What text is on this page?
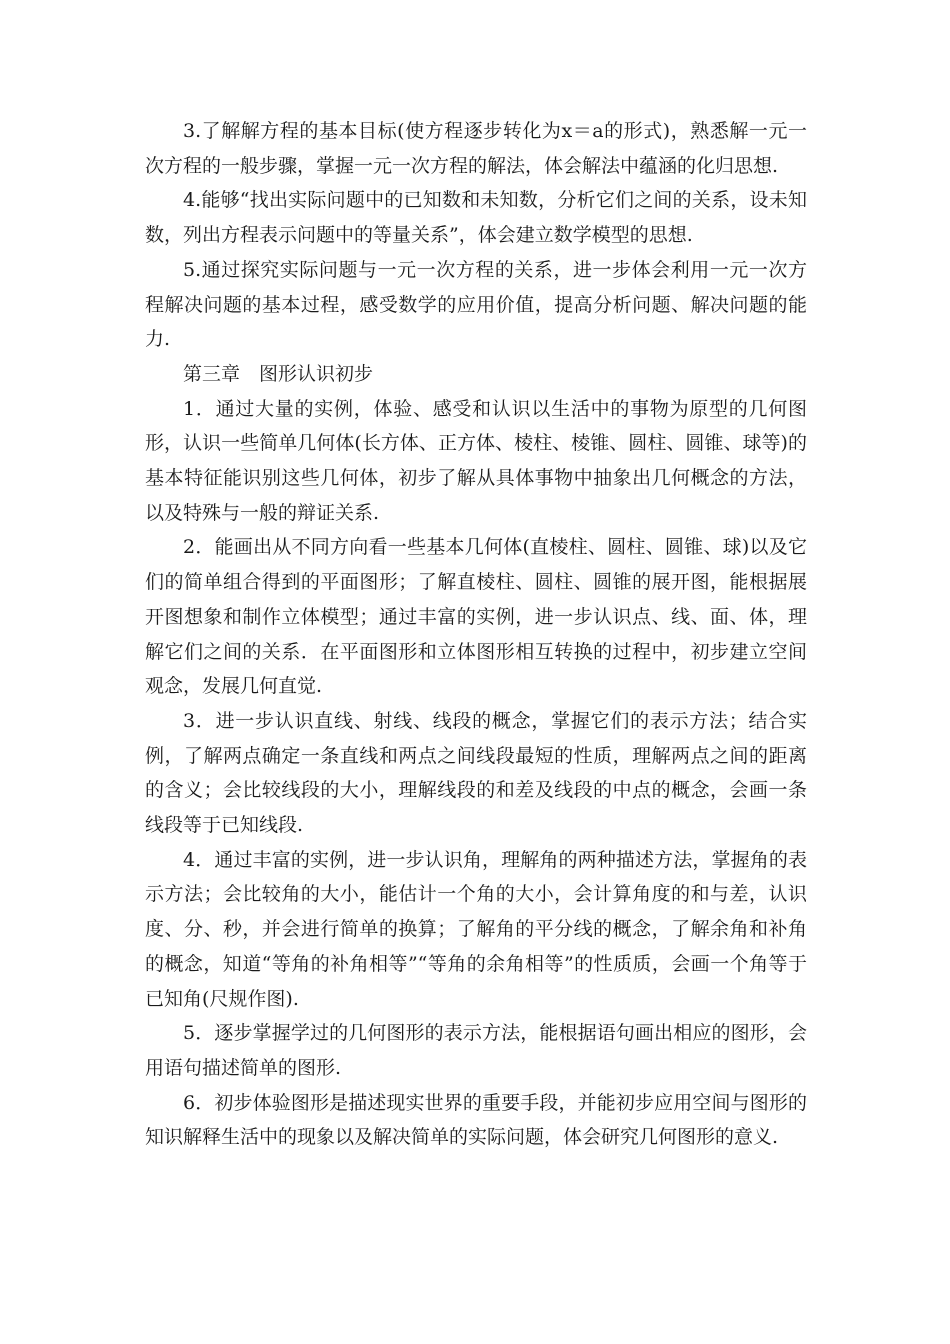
3.了解解方程的基本目标(使方程逐步转化为x＝a的形式)，熟悉解一元一次方程的一般步骤，掌握一元一次方程的解法，体会解法中蕴涵的化归思想.

4.能够“找出实际问题中的已知数和未知数，分析它们之间的关系，设未知数，列出方程表示问题中的等量关系”，体会建立数学模型的思想.

5.通过探究实际问题与一元一次方程的关系，进一步体会利用一元一次方程解决问题的基本过程，感受数学的应用价值，提高分析问题、解决问题的能力.

第三章　图形认识初步

1．通过大量的实例，体验、感受和认识以生活中的事物为原型的几何图形，认识一些简单几何体(长方体、正方体、棱柱、棱锥、圆柱、圆锥、球等)的基本特征能识别这些几何体，初步了解从具体事物中抽象出几何概念的方法，以及特殊与一般的辩证关系.

2．能画出从不同方向看一些基本几何体(直棱柱、圆柱、圆锥、球)以及它们的简单组合得到的平面图形；了解直棱柱、圆柱、圆锥的展开图，能根据展开图想象和制作立体模型；通过丰富的实例，进一步认识点、线、面、体，理解它们之间的关系．在平面图形和立体图形相互转换的过程中，初步建立空间观念，发展几何直觉.

3．进一步认识直线、射线、线段的概念，掌握它们的表示方法；结合实例，了解两点确定一条直线和两点之间线段最短的性质，理解两点之间的距离的含义；会比较线段的大小，理解线段的和差及线段的中点的概念，会画一条线段等于已知线段.

4．通过丰富的实例，进一步认识角，理解角的两种描述方法，掌握角的表示方法；会比较角的大小，能估计一个角的大小，会计算角度的和与差，认识度、分、秒，并会进行简单的换算；了解角的平分线的概念，了解余角和补角的概念，知道“等角的补角相等”“等角的余角相等”的性质质，会画一个角等于已知角(尺规作图).

5．逐步掌握学过的几何图形的表示方法，能根据语句画出相应的图形，会用语句描述简单的图形.

6．初步体验图形是描述现实世界的重要手段，并能初步应用空间与图形的知识解释生活中的现象以及解决简单的实际问题，体会研究几何图形的意义.
